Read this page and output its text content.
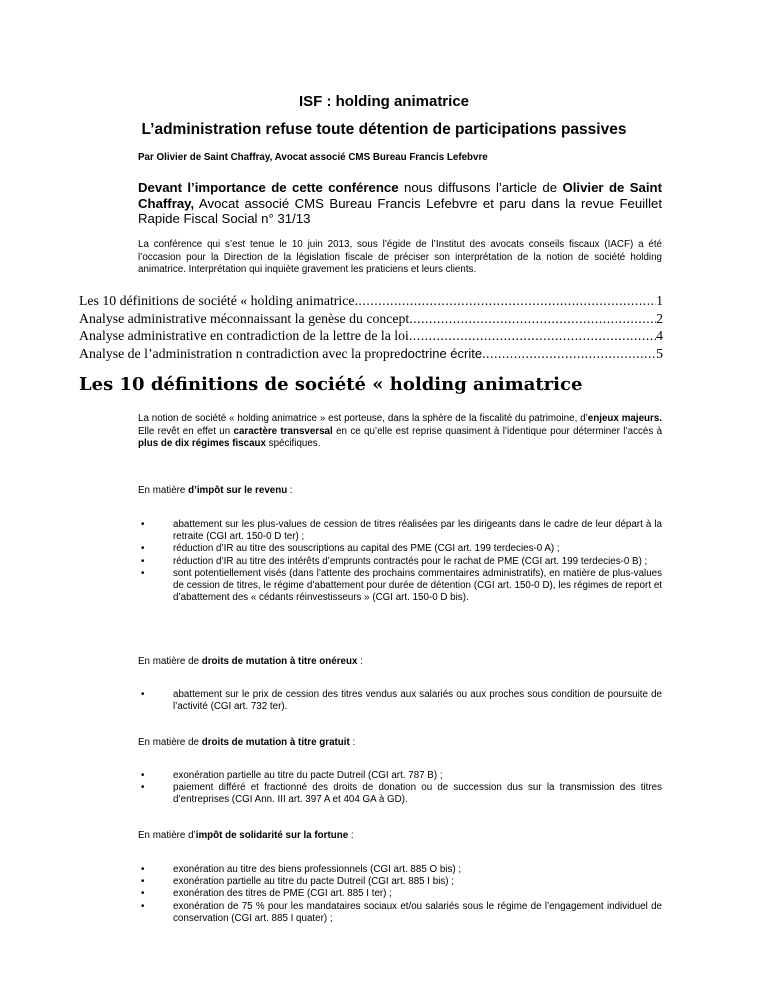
ISF : holding animatrice
L’administration refuse toute détention de participations passives
Par Olivier de Saint Chaffray, Avocat associé CMS Bureau Francis Lefebvre
Devant l’importance de cette conférence nous diffusons l’article de Olivier de Saint Chaffray, Avocat associé CMS Bureau Francis Lefebvre et paru dans la revue Feuillet Rapide Fiscal Social n° 31/13
La conférence qui s’est tenue le 10 juin 2013, sous l’égide de l’Institut des avocats conseils fiscaux (IACF) a été l’occasion pour la Direction de la législation fiscale de préciser son interprétation de la notion de société holding animatrice. Interprétation qui inquiète gravement les praticiens et leurs clients.
Les 10 définitions de société « holding animatrice .....	1
Analyse administrative méconnaissant la genèse du concept .....	2
Analyse administrative en contradiction de la lettre de la loi .....	4
Analyse de l’administration n contradiction avec la propre doctrine écrite .....	5
Les 10 définitions de société « holding animatrice
La notion de société « holding animatrice » est porteuse, dans la sphère de la fiscalité du patrimoine, d’enjeux majeurs. Elle revêt en effet un caractère transversal en ce qu’elle est reprise quasiment à l’identique pour déterminer l’accès à plus de dix régimes fiscaux spécifiques.
En matière d’impôt sur le revenu :
•	abattement sur les plus-values de cession de titres réalisées par les dirigeants dans le cadre de leur départ à la retraite (CGI art. 150-0 D ter) ;
•	réduction d’IR au titre des souscriptions au capital des PME (CGI art. 199 terdecies-0 A) ;
•	réduction d’IR au titre des intérêts d’emprunts contractés pour le rachat de PME (CGI art. 199 terdecies-0 B) ;
•	sont potentiellement visés (dans l’attente des prochains commentaires administratifs), en matière de plus-values de cession de titres, le régime d’abattement pour durée de détention (CGI art. 150-0 D), les régimes de report et d’abattement des « cédants réinvestisseurs » (CGI art. 150-0 D bis).
En matière de droits de mutation à titre onéreux :
•	abattement sur le prix de cession des titres vendus aux salariés ou aux proches sous condition de poursuite de l’activité (CGI art. 732 ter).
En matière de droits de mutation à titre gratuit :
•	exonération partielle au titre du pacte Dutreil (CGI art. 787 B) ;
•	paiement différé et fractionné des droits de donation ou de succession dus sur la transmission des titres d’entreprises (CGI Ann. III art. 397 A et 404 GA à GD).
En matière d’impôt de solidarité sur la fortune :
•	exonération au titre des biens professionnels (CGI art. 885 O bis) ;
•	exonération partielle au titre du pacte Dutreil (CGI art. 885 I bis) ;
•	exonération des titres de PME (CGI art. 885 I ter) ;
•	exonération de 75 % pour les mandataires sociaux et/ou salariés sous le régime de l’engagement individuel de conservation (CGI art. 885 I quater) ;
